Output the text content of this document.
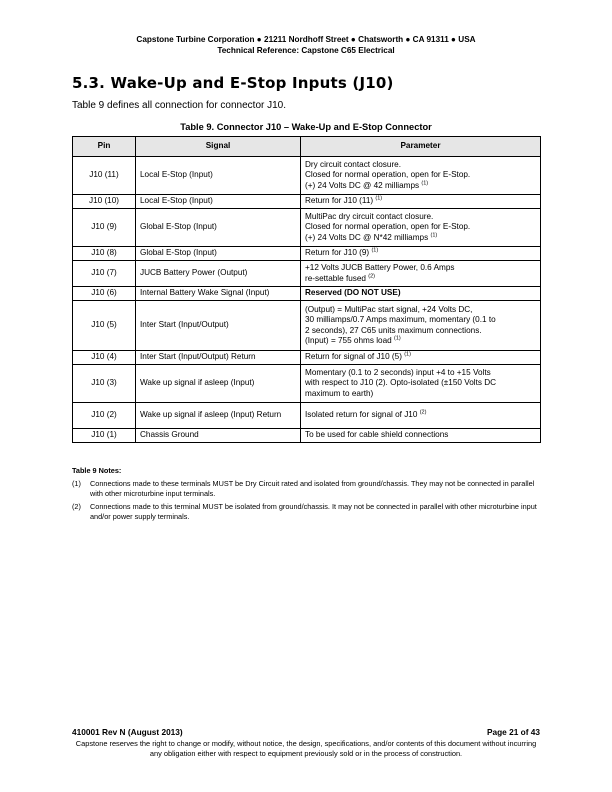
Capstone Turbine Corporation ● 21211 Nordhoff Street ● Chatsworth ● CA 91311 ● USA
Technical Reference: Capstone C65 Electrical
5.3. Wake-Up and E-Stop Inputs (J10)
Table 9 defines all connection for connector J10.
Table 9. Connector J10 – Wake-Up and E-Stop Connector
Pin	Signal	Parameter
J10 (11)	Local E-Stop (Input)	Dry circuit contact closure.
Closed for normal operation, open for E-Stop.
(+) 24 Volts DC @ 42 milliamps $^{(1)}$

J10 (10)	Local E-Stop (Input)	Return for J10 (11) $^{(1)}$
J10 (9)	Global E-Stop (Input)	MultiPac dry circuit contact closure.
Closed for normal operation, open for E-Stop.
(+) 24 Volts DC @ N*42 milliamps $^{(1)}$

J10 (8)	Global E-Stop (Input)	Return for J10 (9) $^{(1)}$
J10 (7)	JUCB Battery Power (Output)	+12 Volts JUCB Battery Power, 0.6 Amps
re-settable fused $^{(2)}$

J10 (6)	Internal Battery Wake Signal (Input)	Reserved (DO NOT USE)
J10 (5)	Inter Start (Input/Output)	(Output) = MultiPac start signal, +24 Volts DC,
30 milliamps/0.7 Amps maximum, momentary (0.1 to
2 seconds), 27 C65 units maximum connections.
(Input) = 755 ohms load $^{(1)}$

J10 (4)	Inter Start (Input/Output) Return	Return for signal of J10 (5) $^{(1)}$
J10 (3)	Wake up signal if asleep (Input)	Momentary (0.1 to 2 seconds) input +4 to +15 Volts
with respect to J10 (2). Opto-isolated (±150 Volts DC
maximum to earth)

J10 (2)	Wake up signal if asleep (Input) Return	Isolated return for signal of J10 $^{(2)}$
J10 (1)	Chassis Ground	To be used for cable shield connections
Table 9 Notes:
(1)	Connections made to these terminals MUST be Dry Circuit rated and isolated from ground/chassis. They may not be connected in parallel with other microturbine input terminals.
(2)	Connections made to this terminal MUST be isolated from ground/chassis. It may not be connected in parallel with other microturbine input and/or power supply terminals.
410001 Rev N (August 2013)	Page 21 of 43
Capstone reserves the right to change or modify, without notice, the design, specifications, and/or contents of this document without incurring any obligation either with respect to equipment previously sold or in the process of construction.
